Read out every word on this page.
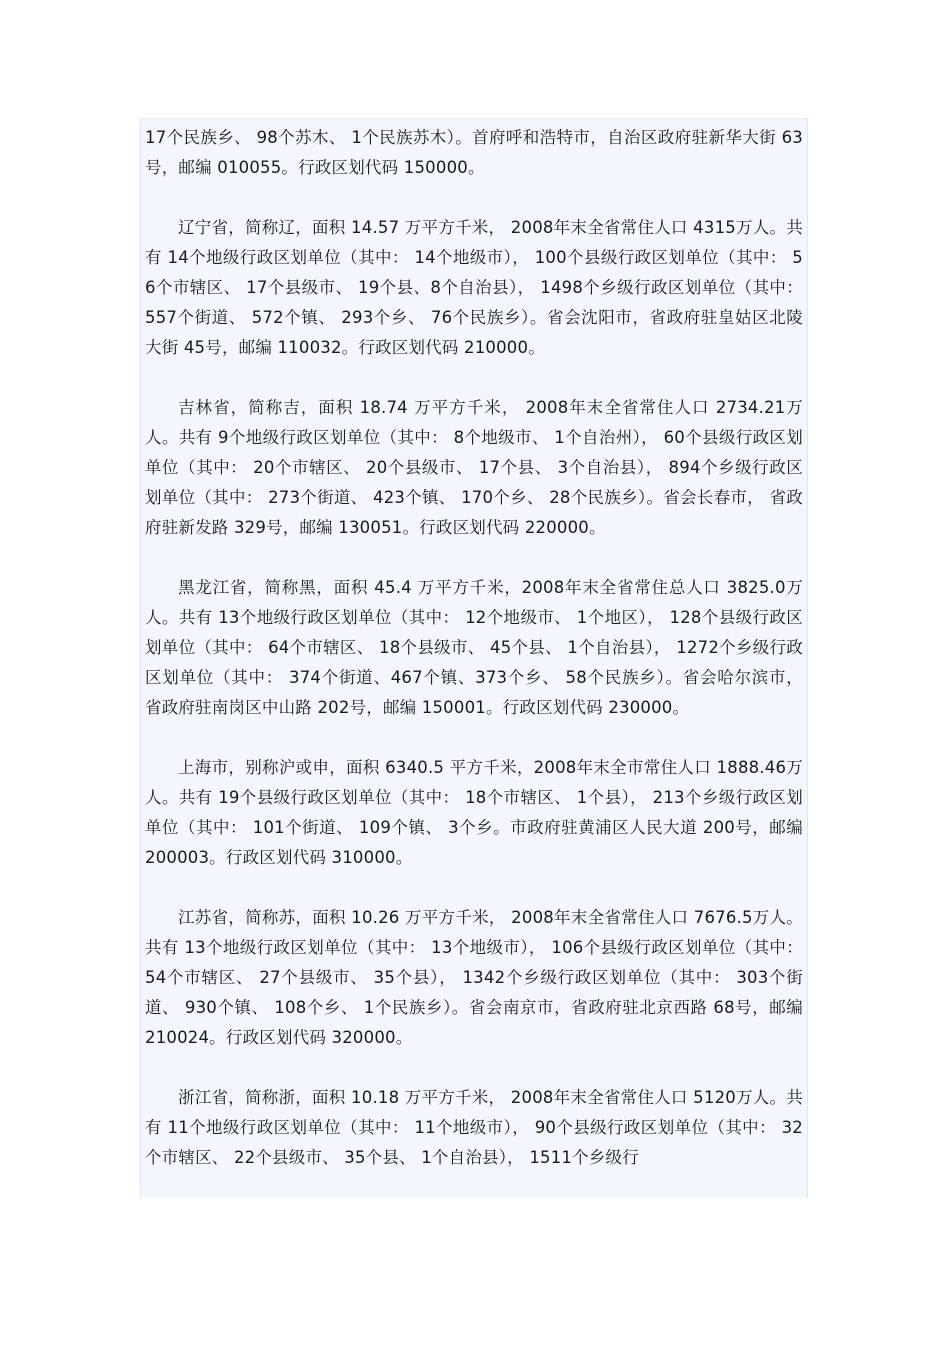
17个民族乡、 98个苏木、 1个民族苏木）。首府呼和浩特市，自治区政府驻新华大街 63号，邮编 010055。行政区划代码 150000。

辽宁省，简称辽，面积 14.57 万平方千米， 2008年末全省常住人口 4315万人。共有 14个地级行政区划单位（其中： 14个地级市）， 100个县级行政区划单位（其中： 56个市辖区、 17个县级市、 19个县、8个自治县）， 1498个乡级行政区划单位（其中： 557个街道、 572个镇、 293个乡、 76个民族乡）。省会沈阳市，省政府驻皇姑区北陵大街 45号，邮编 110032。行政区划代码 210000。

吉林省，简称吉，面积 18.74 万平方千米， 2008年末全省常住人口 2734.21万人。共有 9个地级行政区划单位（其中： 8个地级市、 1个自治州）， 60个县级行政区划单位（其中： 20个市辖区、 20个县级市、 17个县、 3个自治县）， 894个乡级行政区划单位（其中： 273个街道、 423个镇、 170个乡、 28个民族乡）。省会长春市， 省政府驻新发路 329号，邮编 130051。行政区划代码 220000。

黑龙江省，简称黑，面积 45.4 万平方千米，2008年末全省常住总人口 3825.0万人。共有 13个地级行政区划单位（其中： 12个地级市、 1个地区）， 128个县级行政区划单位（其中： 64个市辖区、 18个县级市、 45个县、 1个自治县）， 1272个乡级行政区划单位（其中： 374个街道、467个镇、373个乡、 58个民族乡）。省会哈尔滨市， 省政府驻南岗区中山路 202号，邮编 150001。行政区划代码 230000。

上海市，别称沪或申，面积 6340.5 平方千米，2008年末全市常住人口 1888.46万人。共有 19个县级行政区划单位（其中： 18个市辖区、 1个县）， 213个乡级行政区划单位（其中： 101个街道、 109个镇、 3个乡。市政府驻黄浦区人民大道 200号，邮编 200003。行政区划代码 310000。

江苏省，简称苏，面积 10.26 万平方千米， 2008年末全省常住人口 7676.5万人。共有 13个地级行政区划单位（其中： 13个地级市）， 106个县级行政区划单位（其中： 54个市辖区、 27个县级市、 35个县）， 1342个乡级行政区划单位（其中： 303个街道、 930个镇、 108个乡、 1个民族乡）。省会南京市，省政府驻北京西路 68号，邮编 210024。行政区划代码 320000。

浙江省，简称浙，面积 10.18 万平方千米， 2008年末全省常住人口 5120万人。共有 11个地级行政区划单位（其中： 11个地级市）， 90个县级行政区划单位（其中： 32个市辖区、 22个县级市、 35个县、 1个自治县）， 1511个乡级行
